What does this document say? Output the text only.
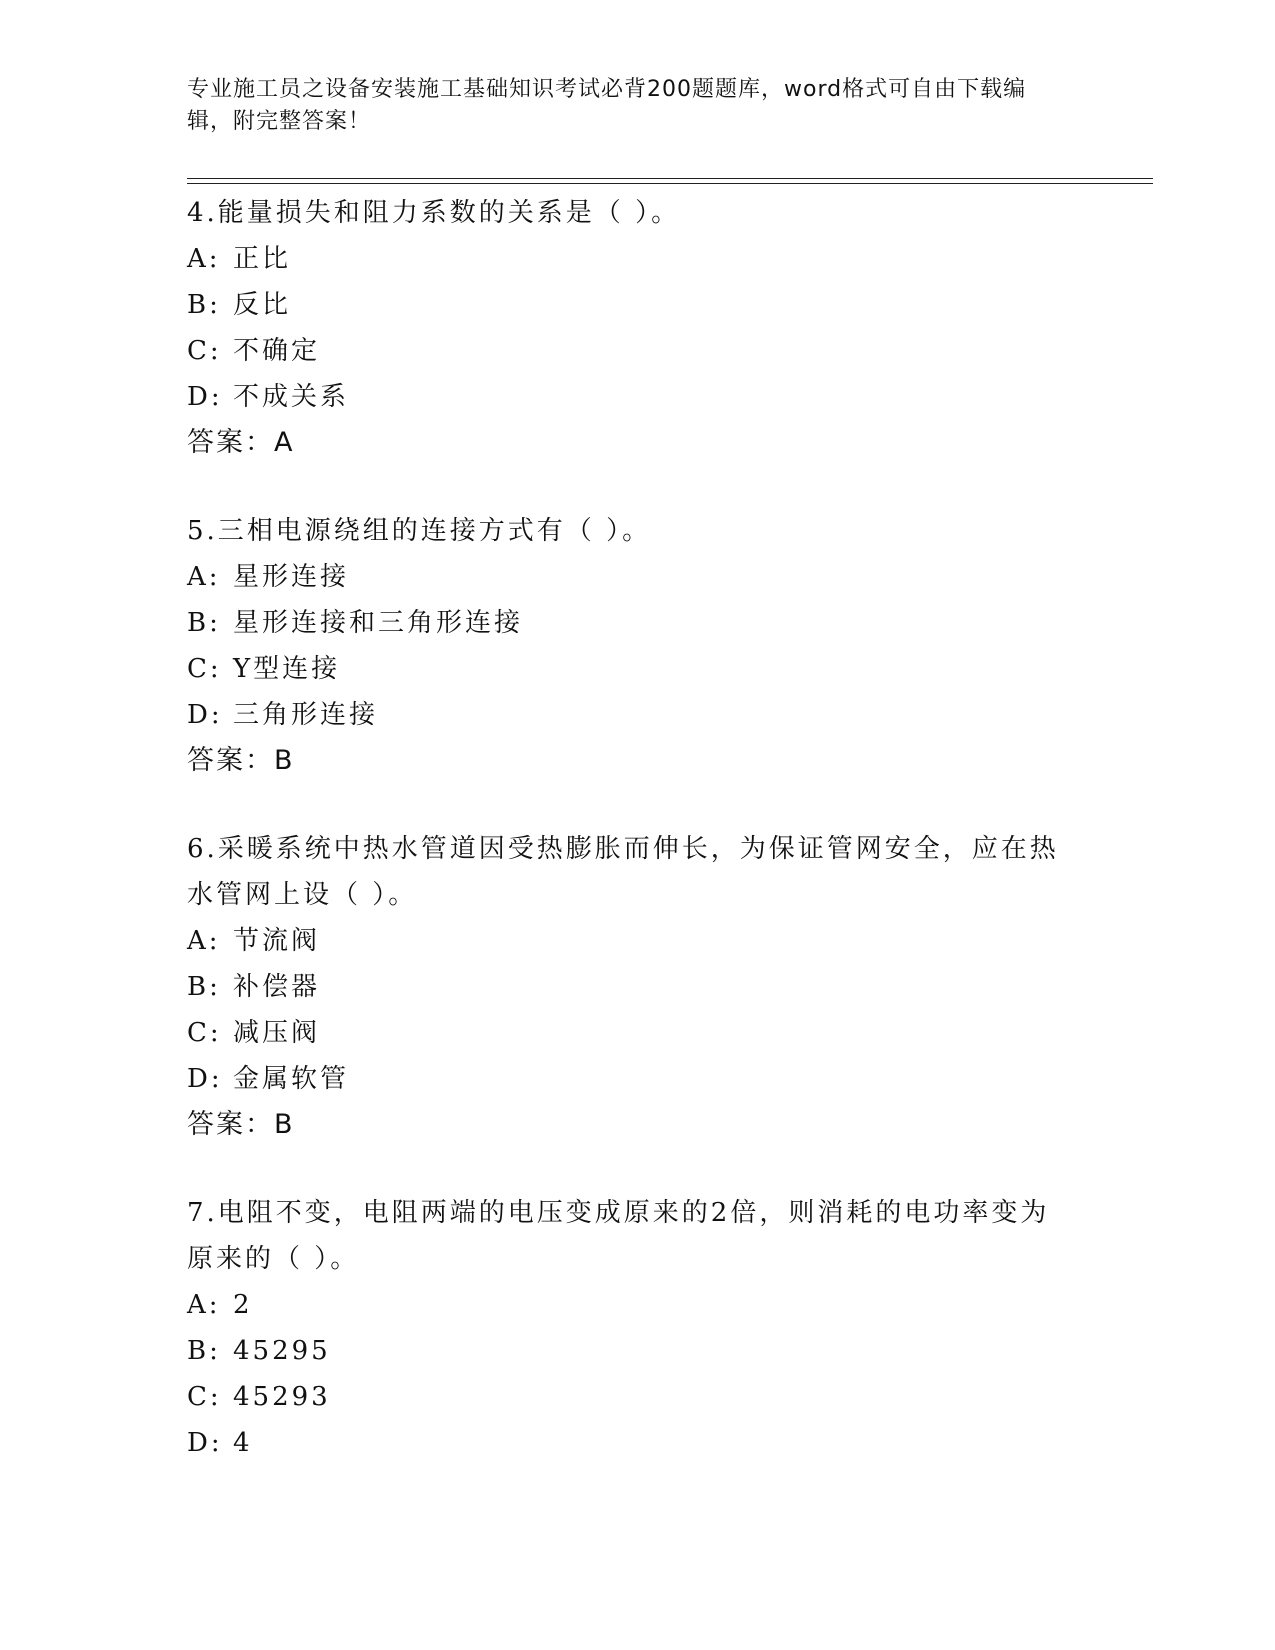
专业施工员之设备安装施工基础知识考试必背200题题库，word格式可自由下载编辑，附完整答案！

4.能量损失和阻力系数的关系是（ ）。

A: 正比

B: 反比

C: 不确定

D: 不成关系

答案：A

5.三相电源绕组的连接方式有（ ）。

A: 星形连接

B: 星形连接和三角形连接

C: Y型连接

D: 三角形连接

答案：B

6.采暖系统中热水管道因受热膨胀而伸长，为保证管网安全，应在热水管网上设（ ）。

A: 节流阀

B: 补偿器

C: 减压阀

D: 金属软管

答案：B

7.电阻不变，电阻两端的电压变成原来的2倍，则消耗的电功率变为原来的（ ）。

A: 2

B: 45295

C: 45293

D: 4
